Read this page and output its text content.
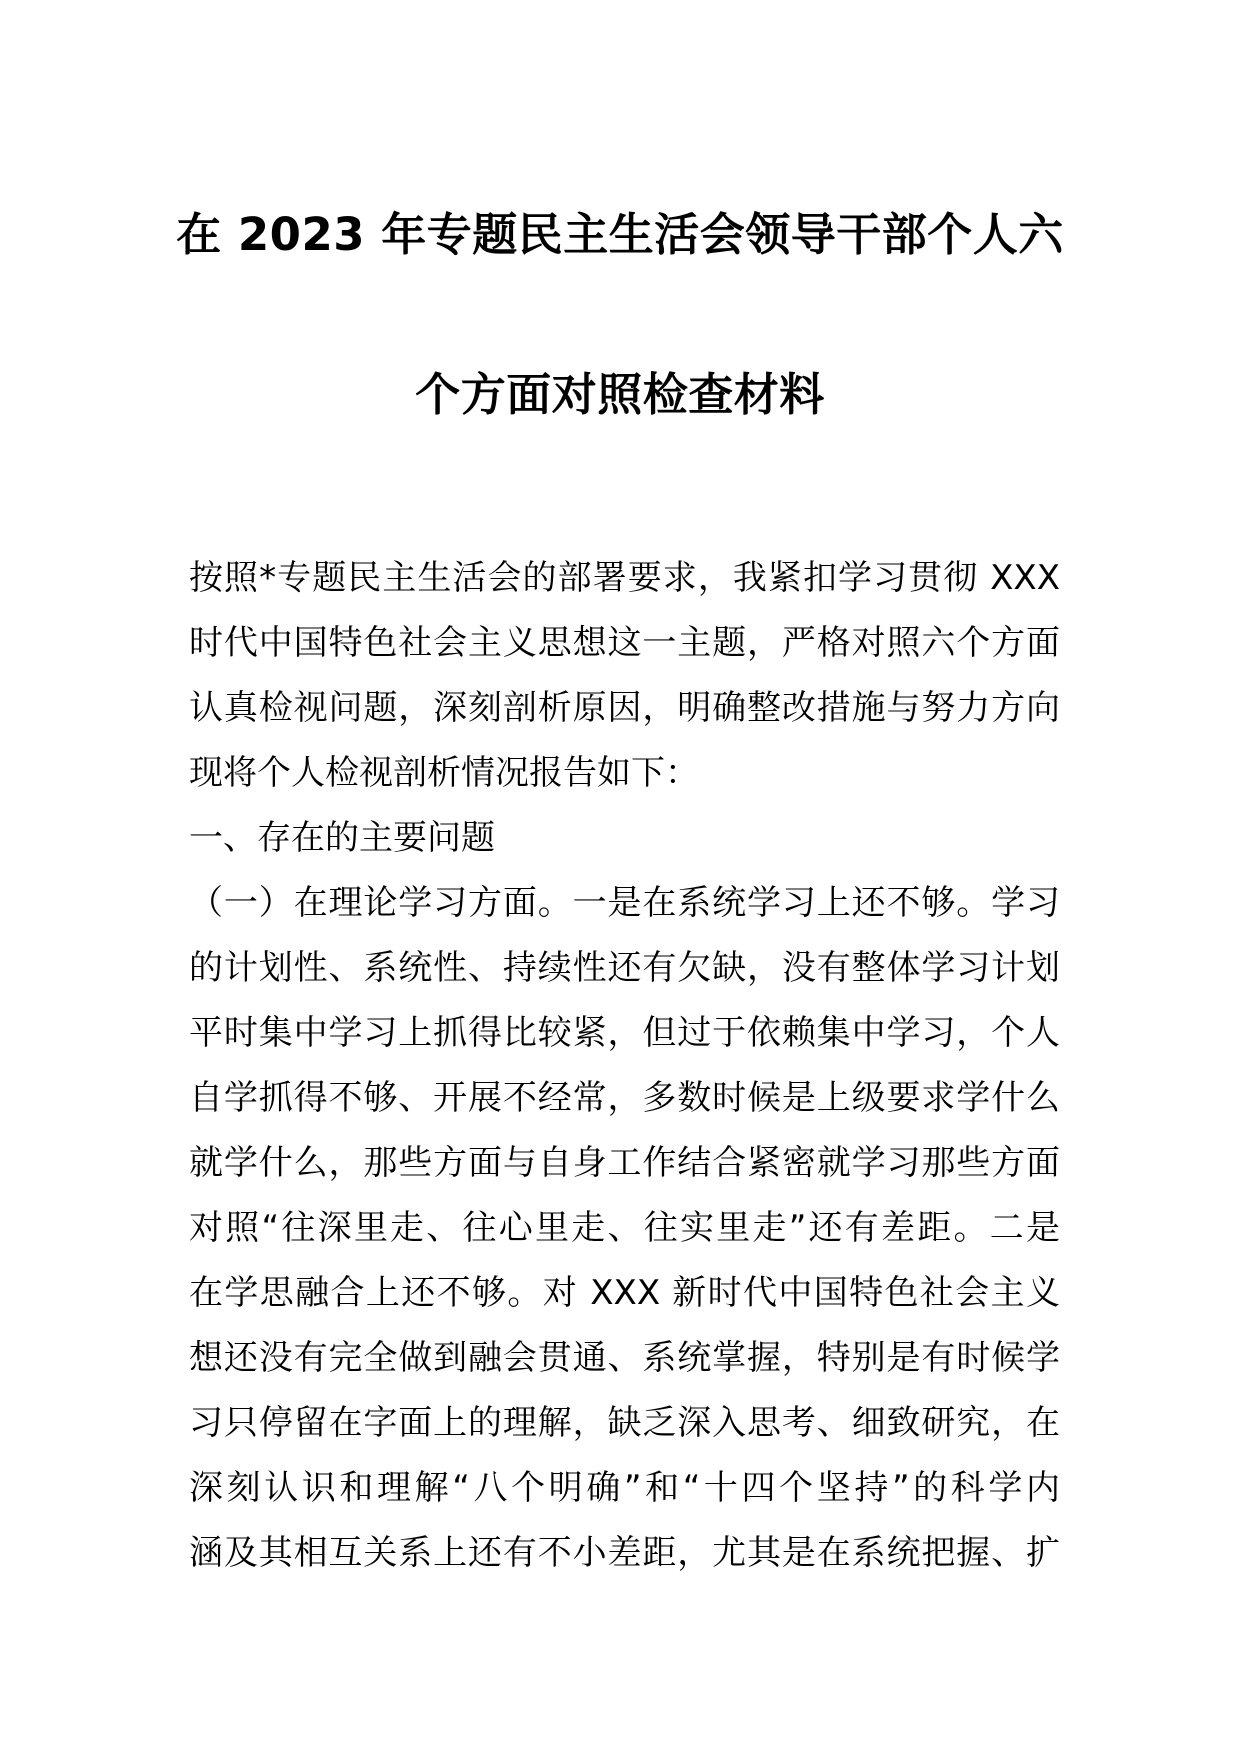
在 2023 年专题民主生活会领导干部个人六
个方面对照检查材料
按照*专题民主生活会的部署要求，我紧扣学习贯彻 XXX
时代中国特色社会主义思想这一主题，严格对照六个方面
认真检视问题，深刻剖析原因，明确整改措施与努力方向
现将个人检视剖析情况报告如下：
一、存在的主要问题
（一）在理论学习方面。一是在系统学习上还不够。学习
的计划性、系统性、持续性还有欠缺，没有整体学习计划
平时集中学习上抓得比较紧，但过于依赖集中学习，个人
自学抓得不够、开展不经常，多数时候是上级要求学什么
就学什么，那些方面与自身工作结合紧密就学习那些方面
对照“往深里走、往心里走、往实里走”还有差距。二是
在学思融合上还不够。对 XXX 新时代中国特色社会主义
想还没有完全做到融会贯通、系统掌握，特别是有时候学
习只停留在字面上的理解，缺乏深入思考、细致研究，在
深刻认识和理解“八个明确”和“十四个坚持”的科学内
涵及其相互关系上还有不小差距，尤其是在系统把握、扩
